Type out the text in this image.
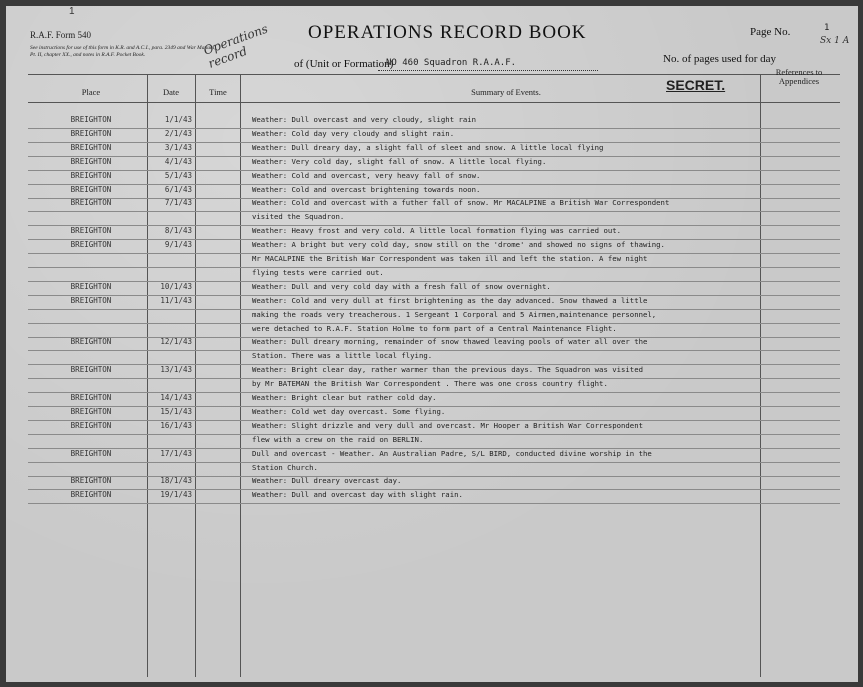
1
R.A.F. Form 540
See instructions for use of this form in K.R. and A.C.I., para. 2349 and War Manual, Pt. II, chapter XX., and notes in R.A.F. Pocket Book.	Operations record
OPERATIONS RECORD BOOK
of (Unit or Formation)
NO 460 Squadron R.A.A.F.
Page No.	1
Sx 1 A
No. of pages used for day
SECRET.
Place	Date	Time	Summary of Events.
References to Appendices
BREIGHTON	1/1/43	Weather: Dull overcast and very cloudy, slight rain
BREIGHTON	2/1/43	Weather: Cold day very cloudy and slight rain.
BREIGHTON	3/1/43	Weather: Dull dreary day, a slight fall of sleet and snow. A little local flying
BREIGHTON	4/1/43	Weather: Very cold day, slight fall of snow. A little local flying.
BREIGHTON	5/1/43	Weather: Cold and overcast, very heavy fall of snow.
BREIGHTON	6/1/43	Weather: Cold and overcast brightening towards noon.
BREIGHTON	7/1/43	Weather: Cold and overcast with a futher fall of snow. Mr MACALPINE a British War Correspondent
visited the Squadron.
BREIGHTON	8/1/43	Weather: Heavy frost and very cold. A little local formation flying was carried out.
BREIGHTON	9/1/43	Weather: A bright but very cold day, snow still on the 'drome' and showed no signs of thawing.
Mr MACALPINE the British War Correspondent was taken ill and left the station. A few night
flying tests were carried out.
BREIGHTON	10/1/43	Weather: Dull and very cold day with a fresh fall of snow overnight.
BREIGHTON	11/1/43	Weather: Cold and very dull at first brightening as the day advanced. Snow thawed a little
making the roads very treacherous. 1 Sergeant 1 Corporal and 5 Airmen,maintenance personnel,
were detached to R.A.F. Station Holme to form part of a Central Maintenance Flight.
BREIGHTON	12/1/43	Weather: Dull dreary morning, remainder of snow thawed leaving pools of water all over the
Station. There was a little local flying.
BREIGHTON	13/1/43	Weather: Bright clear day, rather warmer than the previous days. The Squadron was visited
by Mr BATEMAN the British War Correspondent . There was one cross country flight.
BREIGHTON	14/1/43	Weather: Bright clear but rather cold day.
BREIGHTON	15/1/43	Weather: Cold wet day overcast. Some flying.
BREIGHTON	16/1/43	Weather: Slight drizzle and very dull and overcast. Mr Hooper a British War Correspondent
flew with a crew on the raid on BERLIN.
BREIGHTON	17/1/43	Dull and overcast - Weather. An Australian Padre, S/L BIRD, conducted divine worship in the
Station Church.
BREIGHTON	18/1/43	Weather: Dull dreary overcast day.
BREIGHTON	19/1/43	Weather: Dull and overcast day with slight rain.
